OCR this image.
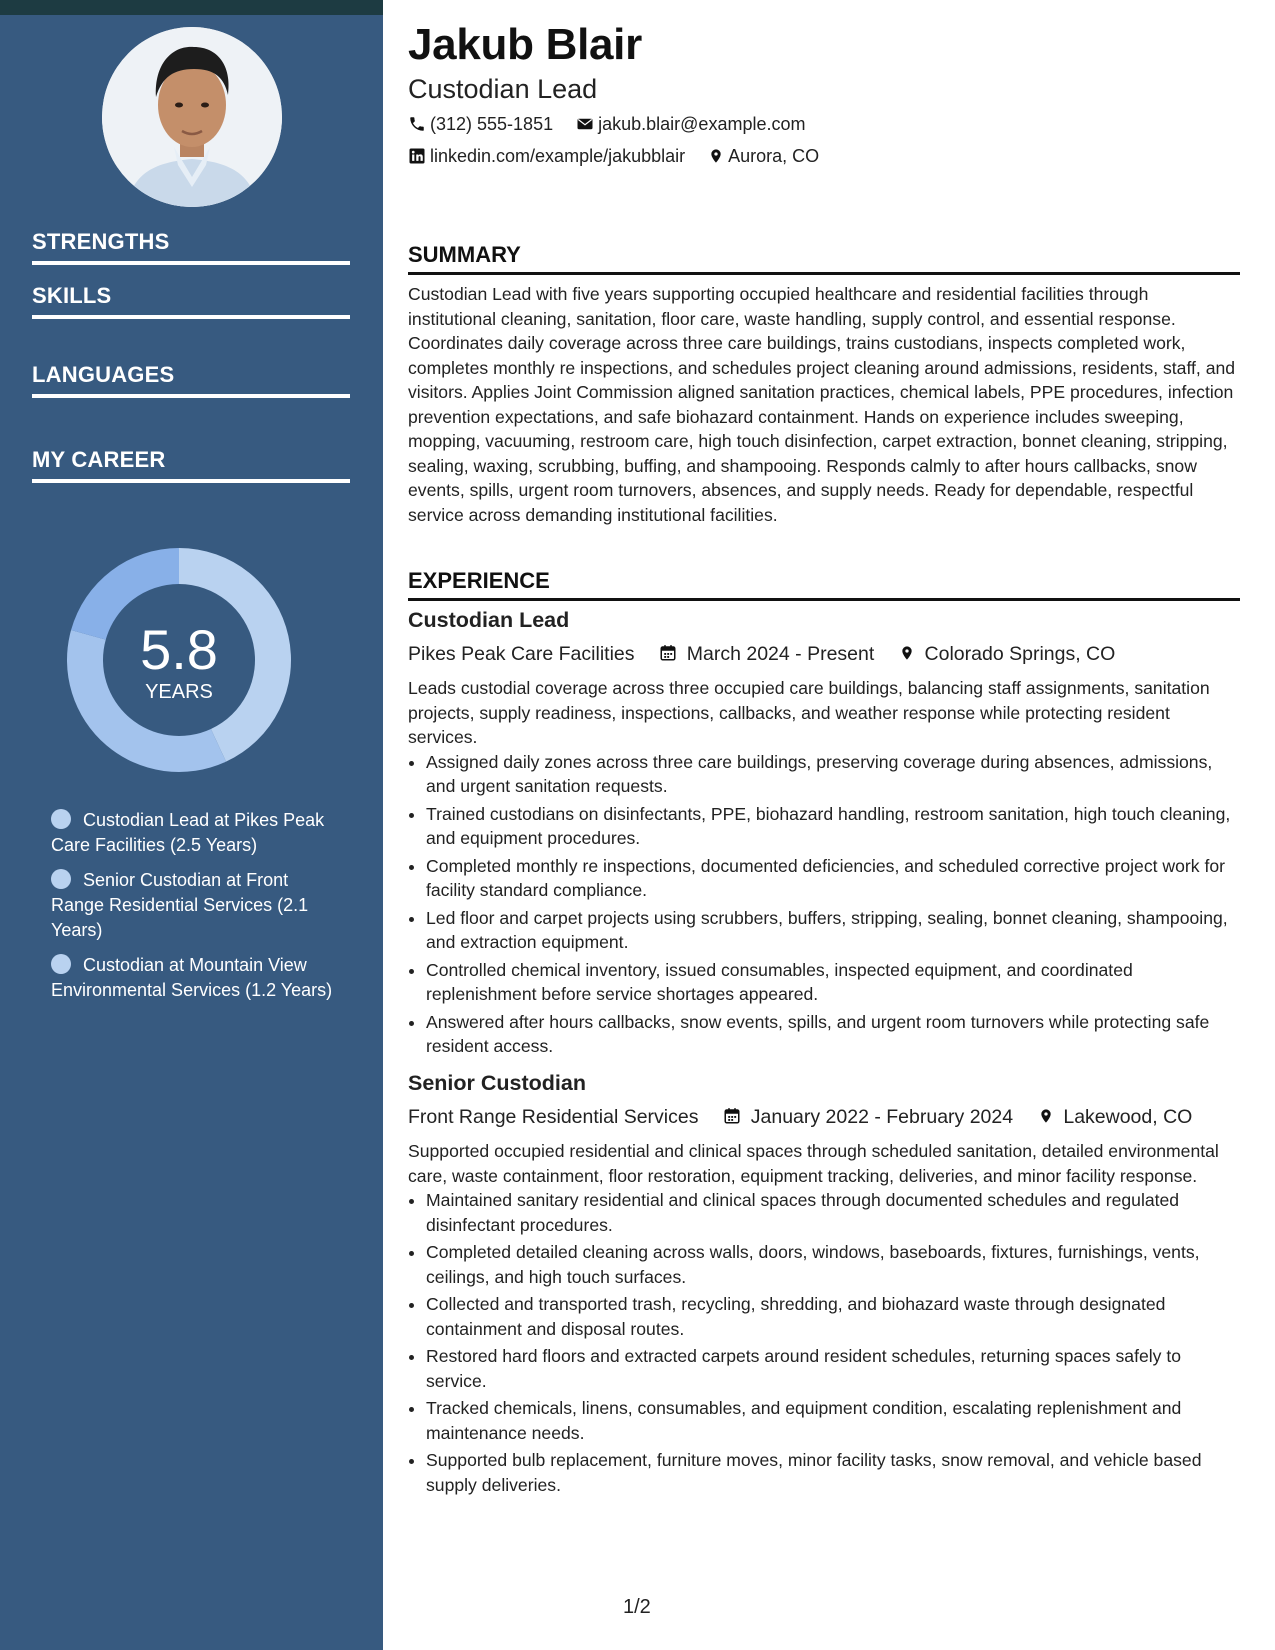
STRENGTHS
SKILLS
LANGUAGES
MY CAREER
5.8
YEARS
Custodian Lead at Pikes Peak Care Facilities (2.5 Years)
Senior Custodian at Front Range Residential Services (2.1 Years)
Custodian at Mountain View Environmental Services (1.2 Years)
Jakub Blair
Custodian Lead
(312) 555-1851	jakub.blair@example.com
linkedin.com/example/jakubblair Aurora, CO
SUMMARY

Custodian Lead with five years supporting occupied healthcare and residential facilities through institutional cleaning, sanitation, floor care, waste handling, supply control, and essential response. Coordinates daily coverage across three care buildings, trains custodians, inspects completed work, completes monthly re inspections, and schedules project cleaning around admissions, residents, staff, and visitors. Applies Joint Commission aligned sanitation practices, chemical labels, PPE procedures, infection prevention expectations, and safe biohazard containment. Hands on experience includes sweeping, mopping, vacuuming, restroom care, high touch disinfection, carpet extraction, bonnet cleaning, stripping, sealing, waxing, scrubbing, buffing, and shampooing. Responds calmly to after hours callbacks, snow events, spills, urgent room turnovers, absences, and supply needs. Ready for dependable, respectful service across demanding institutional facilities.

EXPERIENCE
Custodian Lead
Pikes Peak Care Facilities	March 2024 - Present	Colorado Springs, CO

Leads custodial coverage across three occupied care buildings, balancing staff assignments, sanitation projects, supply readiness, inspections, callbacks, and weather response while protecting resident services.

• Assigned daily zones across three care buildings, preserving coverage during absences, admissions, and urgent sanitation requests.
• Trained custodians on disinfectants, PPE, biohazard handling, restroom sanitation, high touch cleaning, and equipment procedures.
• Completed monthly re inspections, documented deficiencies, and scheduled corrective project work for facility standard compliance.
• Led floor and carpet projects using scrubbers, buffers, stripping, sealing, bonnet cleaning, shampooing, and extraction equipment.
• Controlled chemical inventory, issued consumables, inspected equipment, and coordinated replenishment before service shortages appeared.
• Answered after hours callbacks, snow events, spills, and urgent room turnovers while protecting safe resident access.
Senior Custodian
Front Range Residential Services	January 2022 - February 2024	Lakewood, CO

Supported occupied residential and clinical spaces through scheduled sanitation, detailed environmental care, waste containment, floor restoration, equipment tracking, deliveries, and minor facility response.

• Maintained sanitary residential and clinical spaces through documented schedules and regulated disinfectant procedures.
• Completed detailed cleaning across walls, doors, windows, baseboards, fixtures, furnishings, vents, ceilings, and high touch surfaces.
• Collected and transported trash, recycling, shredding, and biohazard waste through designated containment and disposal routes.
• Restored hard floors and extracted carpets around resident schedules, returning spaces safely to service.
• Tracked chemicals, linens, consumables, and equipment condition, escalating replenishment and maintenance needs.
• Supported bulb replacement, furniture moves, minor facility tasks, snow removal, and vehicle based supply deliveries.
1/2
